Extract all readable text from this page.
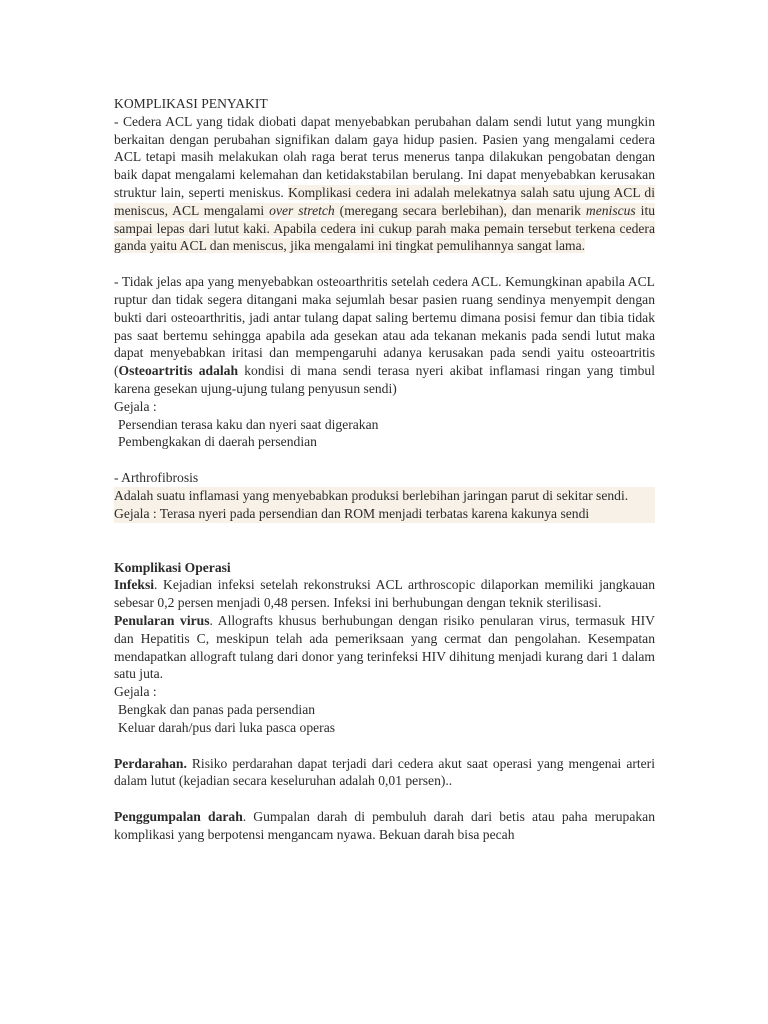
KOMPLIKASI PENYAKIT

- Cedera ACL yang tidak diobati dapat menyebabkan perubahan dalam sendi lutut yang mungkin berkaitan dengan perubahan signifikan dalam gaya hidup pasien. Pasien yang mengalami cedera ACL tetapi masih melakukan olah raga berat terus menerus tanpa dilakukan pengobatan dengan baik dapat mengalami kelemahan dan ketidakstabilan berulang. Ini dapat menyebabkan kerusakan struktur lain, seperti meniskus. Komplikasi cedera ini adalah melekatnya salah satu ujung ACL di meniscus, ACL mengalami over stretch (meregang secara berlebihan), dan menarik meniscus itu sampai lepas dari lutut kaki. Apabila cedera ini cukup parah maka pemain tersebut terkena cedera ganda yaitu ACL dan meniscus, jika mengalami ini tingkat pemulihannya sangat lama.

- Tidak jelas apa yang menyebabkan osteoarthritis setelah cedera ACL. Kemungkinan apabila ACL ruptur dan tidak segera ditangani maka sejumlah besar pasien ruang sendinya menyempit dengan bukti dari osteoarthritis, jadi antar tulang dapat saling bertemu dimana posisi femur dan tibia tidak pas saat bertemu sehingga apabila ada gesekan atau ada tekanan mekanis pada sendi lutut maka dapat menyebabkan iritasi dan mempengaruhi adanya kerusakan pada sendi yaitu osteoartritis (Osteoartritis adalah kondisi di mana sendi terasa nyeri akibat inflamasi ringan yang timbul karena gesekan ujung-ujung tulang penyusun sendi)

Gejala :

Persendian terasa kaku dan nyeri saat digerakan

Pembengkakan di daerah persendian

- Arthrofibrosis

Adalah suatu inflamasi yang menyebabkan produksi berlebihan jaringan parut di sekitar sendi. Gejala : Terasa nyeri pada persendian dan ROM menjadi terbatas karena kakunya sendi

Komplikasi Operasi

Infeksi. Kejadian infeksi setelah rekonstruksi ACL arthroscopic dilaporkan memiliki jangkauan sebesar 0,2 persen menjadi 0,48 persen. Infeksi ini berhubungan dengan teknik sterilisasi.

Penularan virus. Allografts khusus berhubungan dengan risiko penularan virus, termasuk HIV dan Hepatitis C, meskipun telah ada pemeriksaan yang cermat dan pengolahan. Kesempatan mendapatkan allograft tulang dari donor yang terinfeksi HIV dihitung menjadi kurang dari 1 dalam satu juta.

Gejala :

Bengkak dan panas pada persendian

Keluar darah/pus dari luka pasca operas

Perdarahan. Risiko perdarahan dapat terjadi dari cedera akut saat operasi yang mengenai arteri dalam lutut (kejadian secara keseluruhan adalah 0,01 persen)..

Penggumpalan darah. Gumpalan darah di pembuluh darah dari betis atau paha merupakan komplikasi yang berpotensi mengancam nyawa. Bekuan darah bisa pecah
